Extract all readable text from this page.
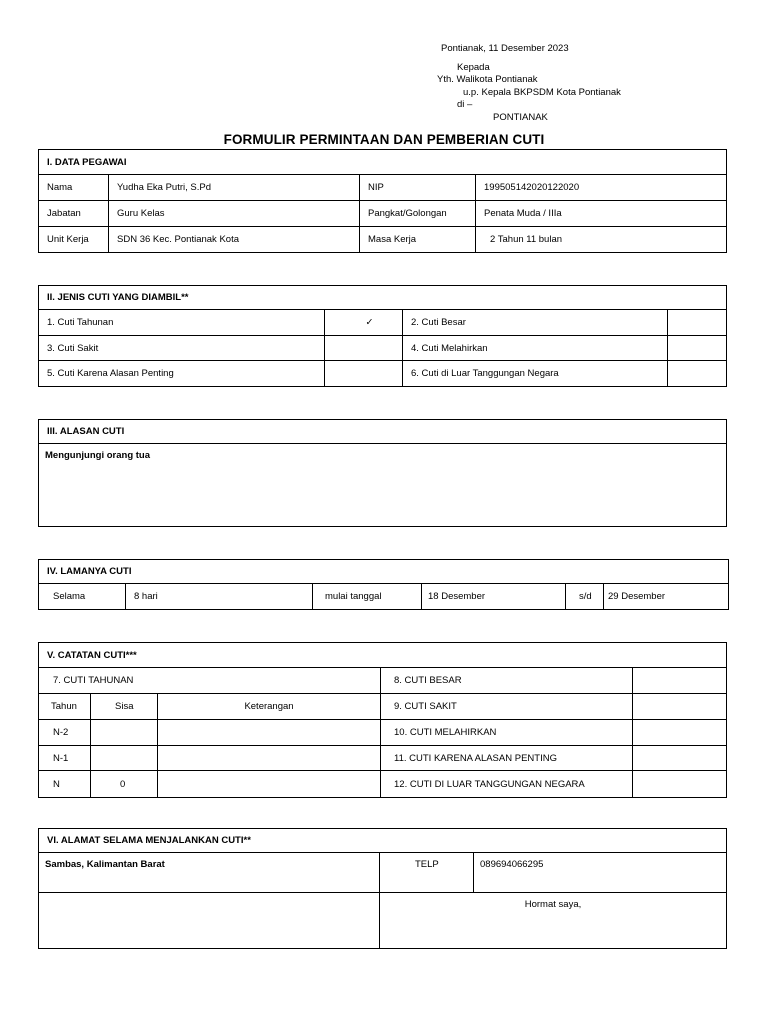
Pontianak, 11 Desember 2023
Kepada
Yth. Walikota Pontianak
u.p. Kepala BKPSDM Kota Pontianak
di –
PONTIANAK
FORMULIR PERMINTAAN DAN PEMBERIAN CUTI
I. DATA PEGAWAI			
Nama	Yudha Eka Putri, S.Pd	NIP	199505142020122020
Jabatan	Guru Kelas	Pangkat/Golongan	Penata Muda / IIIa
Unit Kerja	SDN 36 Kec. Pontianak Kota	Masa Kerja	2 Tahun 11 bulan
II. JENIS CUTI YANG DIAMBIL**			
1. Cuti Tahunan	✓	2. Cuti Besar	
3. Cuti Sakit		4. Cuti Melahirkan	
5. Cuti Karena Alasan Penting		6. Cuti di Luar Tanggungan Negara	
III. ALASAN CUTI
Mengunjungi orang tua
IV. LAMANYA CUTI
Selama	8 hari	mulai tanggal	18 Desember	s/d	29 Desember
V. CATATAN CUTI***				
7. CUTI TAHUNAN			8. CUTI BESAR	
Tahun	Sisa	Keterangan	9. CUTI SAKIT	
N-2			10. CUTI MELAHIRKAN	
N-1			11. CUTI KARENA ALASAN PENTING	
N	0		12. CUTI DI LUAR TANGGUNGAN NEGARA	
VI. ALAMAT SELAMA MENJALANKAN CUTI**		
Sambas, Kalimantan Barat	TELP	089694066295
	Hormat saya,	
